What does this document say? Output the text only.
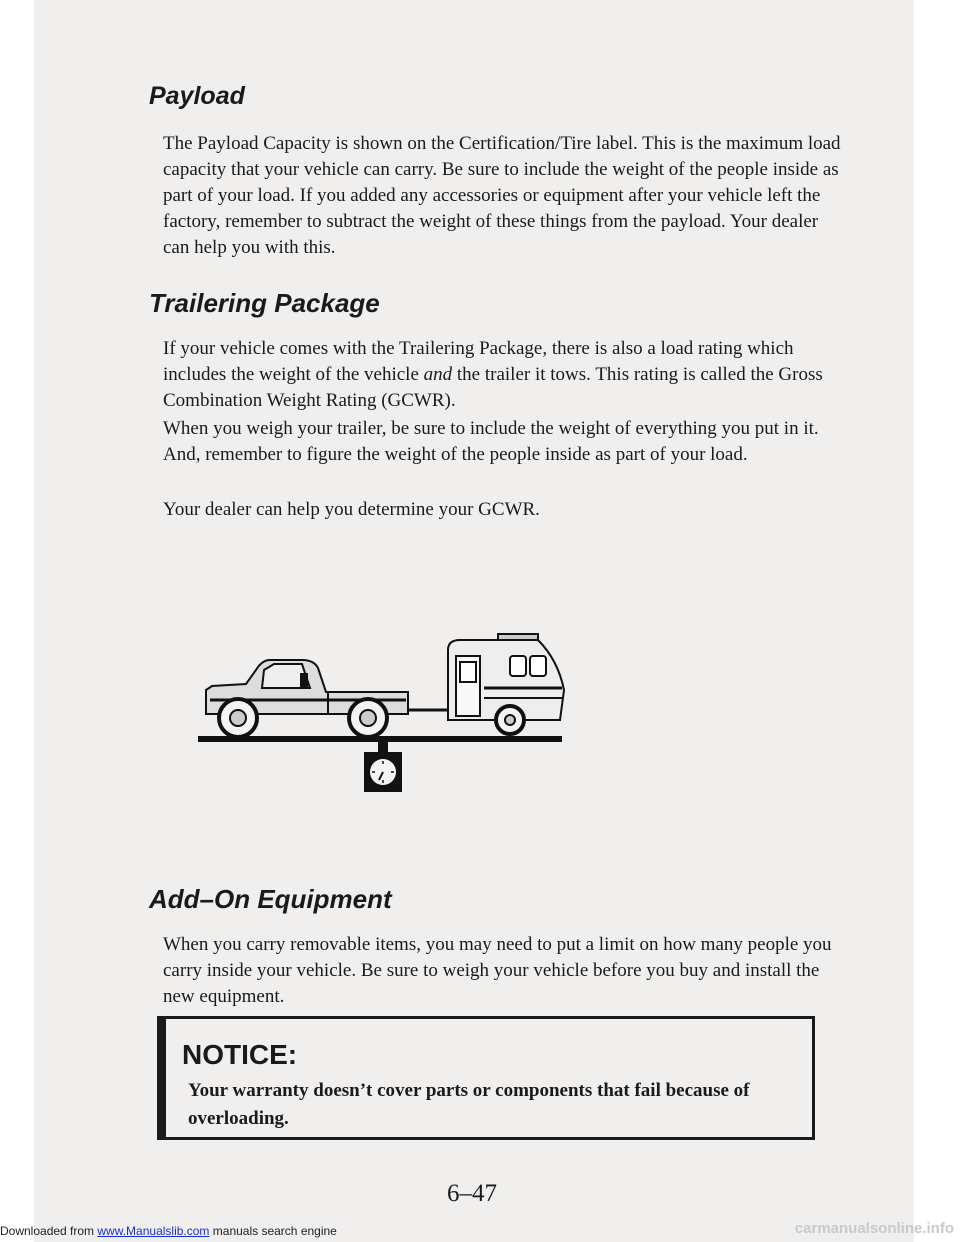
Payload

The Payload Capacity is shown on the Certification/Tire label. This is the maximum load capacity that your vehicle can carry. Be sure to include the weight of the people inside as part of your load. If you added any accessories or equipment after your vehicle left the factory, remember to subtract the weight of these things from the payload. Your dealer can help you with this.

Trailering Package

If your vehicle comes with the Trailering Package, there is also a load rating which includes the weight of the vehicle and the trailer it tows. This rating is called the Gross Combination Weight Rating (GCWR).

When you weigh your trailer, be sure to include the weight of everything you put in it. And, remember to figure the weight of the people inside as part of your load.

Your dealer can help you determine your GCWR.

Add–On Equipment

When you carry removable items, you may need to put a limit on how many people you carry inside your vehicle. Be sure to weigh your vehicle before you buy and install the new equipment.

NOTICE:

Your warranty doesn’t cover parts or components that fail because of overloading.

6–47

Downloaded from www.Manualslib.com manuals search engine	carmanualsonline.info
